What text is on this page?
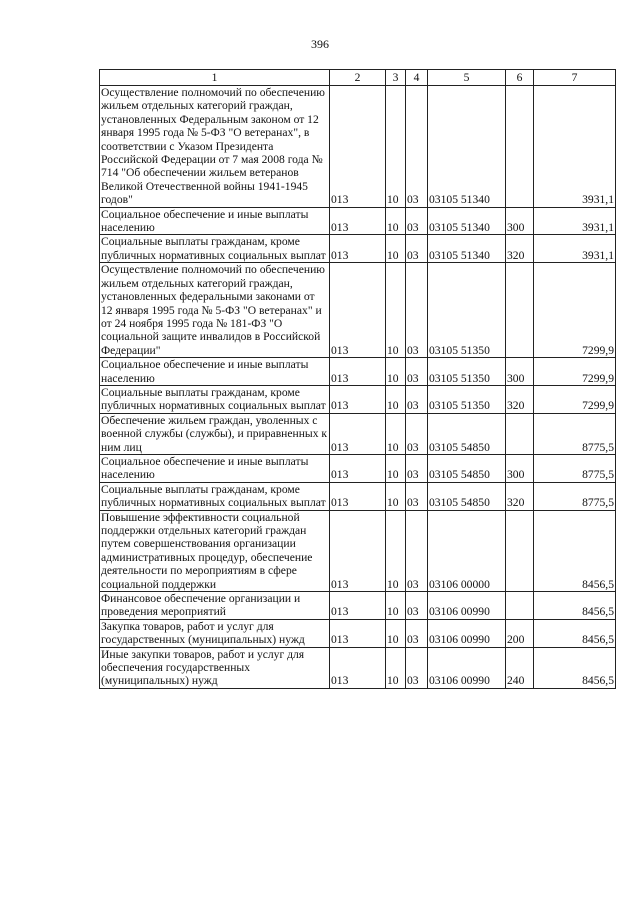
396
1	2	3	4	5	6	7
Осуществление полномочий по обеспечению жильем отдельных категорий граждан, установленных Федеральным законом от 12 января 1995 года № 5-ФЗ "О ветеранах", в соответствии с Указом Президента Российской Федерации от 7 мая 2008 года № 714 "Об обеспечении жильем ветеранов Великой Отечественной войны 1941-1945 годов"	013	10	03	03105 51340		3931,1
Социальное обеспечение и иные выплаты населению	013	10	03	03105 51340	300	3931,1
Социальные выплаты гражданам, кроме публичных нормативных социальных выплат	013	10	03	03105 51340	320	3931,1
Осуществление полномочий по обеспечению жильем отдельных категорий граждан, установленных федеральными законами от 12 января 1995 года № 5-ФЗ "О ветеранах" и от 24 ноября 1995 года № 181-ФЗ "О социальной защите инвалидов в Российской Федерации"	013	10	03	03105 51350		7299,9
Социальное обеспечение и иные выплаты населению	013	10	03	03105 51350	300	7299,9
Социальные выплаты гражданам, кроме публичных нормативных социальных выплат	013	10	03	03105 51350	320	7299,9
Обеспечение жильем граждан, уволенных с военной службы (службы), и приравненных к ним лиц	013	10	03	03105 54850		8775,5
Социальное обеспечение и иные выплаты населению	013	10	03	03105 54850	300	8775,5
Социальные выплаты гражданам, кроме публичных нормативных социальных выплат	013	10	03	03105 54850	320	8775,5
Повышение эффективности социальной поддержки отдельных категорий граждан путем совершенствования организации административных процедур, обеспечение деятельности по мероприятиям в сфере социальной поддержки	013	10	03	03106 00000		8456,5
Финансовое обеспечение организации и проведения мероприятий	013	10	03	03106 00990		8456,5
Закупка товаров, работ и услуг для государственных (муниципальных) нужд	013	10	03	03106 00990	200	8456,5
Иные закупки товаров, работ и услуг для обеспечения государственных (муниципальных) нужд	013	10	03	03106 00990	240	8456,5
